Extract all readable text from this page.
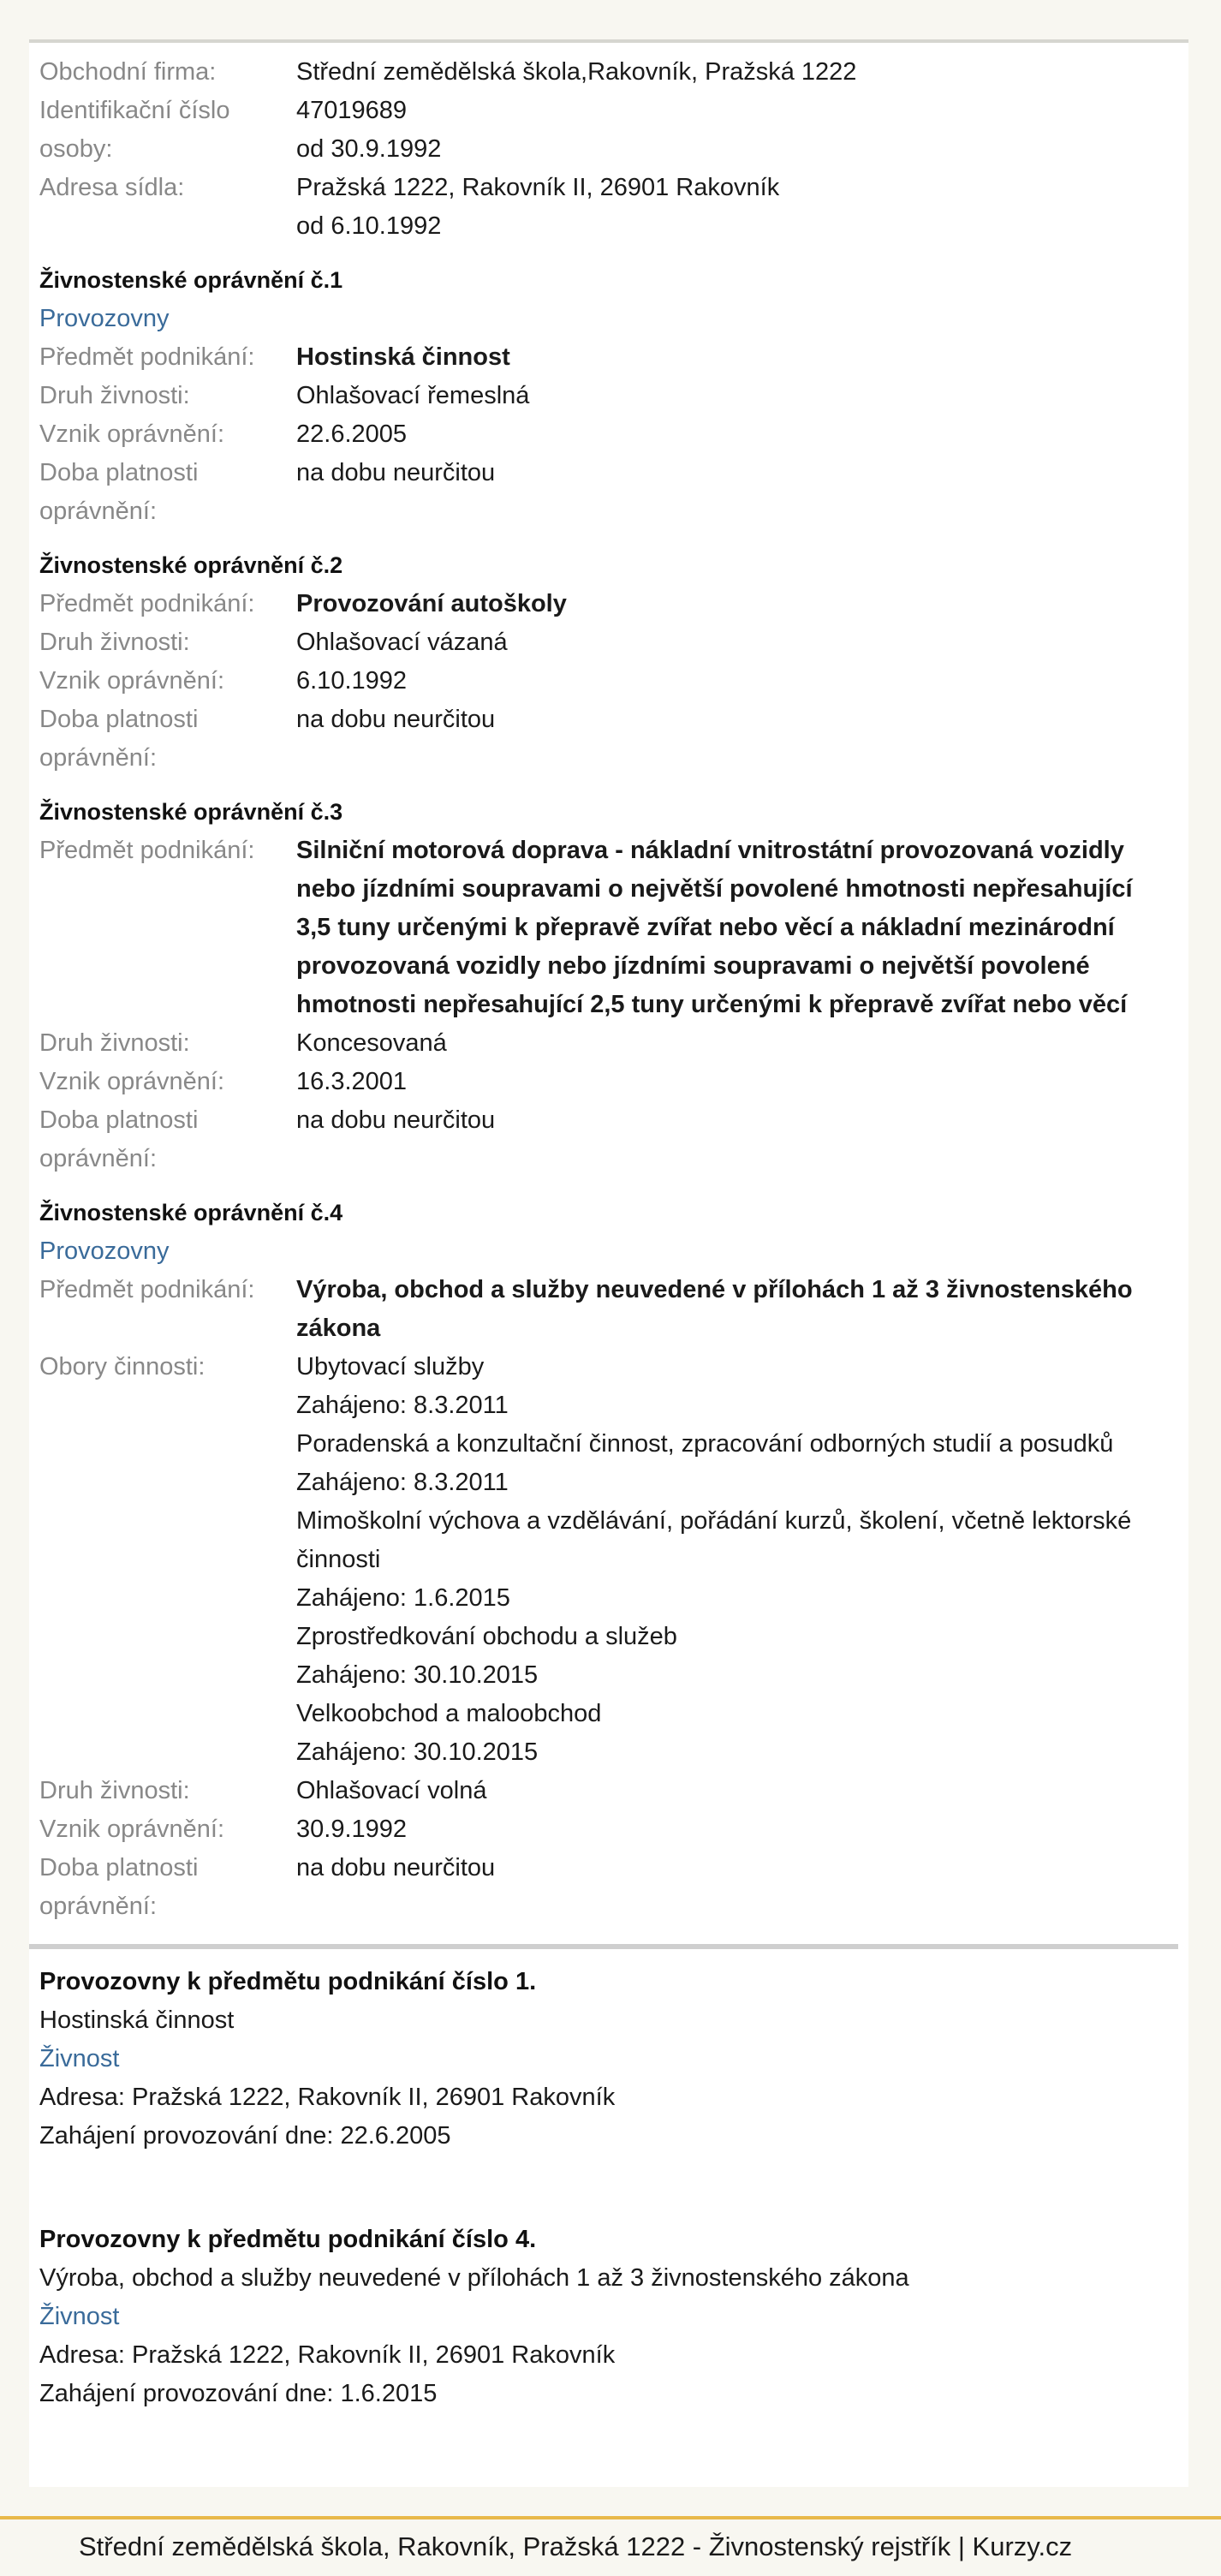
Obchodní firma:	Střední zemědělská škola,Rakovník, Pražská 1222
Identifikační číslo	47019689
osoby:	od 30.9.1992
Adresa sídla:	Pražská 1222, Rakovník II, 26901 Rakovník
od 6.10.1992
Živnostenské oprávnění č.1
Provozovny
Předmět podnikání:	Hostinská činnost
Druh živnosti:	Ohlašovací řemeslná
Vznik oprávnění:	22.6.2005
Doba platnosti	na dobu neurčitou
oprávnění:
Živnostenské oprávnění č.2
Předmět podnikání:	Provozování autoškoly
Druh živnosti:	Ohlašovací vázaná
Vznik oprávnění:	6.10.1992
Doba platnosti	na dobu neurčitou
oprávnění:
Živnostenské oprávnění č.3
Předmět podnikání:	Silniční motorová doprava - nákladní vnitrostátní provozovaná vozidly
nebo jízdními soupravami o největší povolené hmotnosti nepřesahující
3,5 tuny určenými k přepravě zvířat nebo věcí a nákladní mezinárodní
provozovaná vozidly nebo jízdními soupravami o největší povolené
hmotnosti nepřesahující 2,5 tuny určenými k přepravě zvířat nebo věcí
Druh živnosti:	Koncesovaná
Vznik oprávnění:	16.3.2001
Doba platnosti	na dobu neurčitou
oprávnění:
Živnostenské oprávnění č.4
Provozovny
Předmět podnikání:	Výroba, obchod a služby neuvedené v přílohách 1 až 3 živnostenského
zákona
Obory činnosti:	Ubytovací služby
Zahájeno: 8.3.2011
Poradenská a konzultační činnost, zpracování odborných studií a posudků
Zahájeno: 8.3.2011
Mimoškolní výchova a vzdělávání, pořádání kurzů, školení, včetně lektorské
činnosti
Zahájeno: 1.6.2015
Zprostředkování obchodu a služeb
Zahájeno: 30.10.2015
Velkoobchod a maloobchod
Zahájeno: 30.10.2015
Druh živnosti:	Ohlašovací volná
Vznik oprávnění:	30.9.1992
Doba platnosti	na dobu neurčitou
oprávnění:
Provozovny k předmětu podnikání číslo 1.
Hostinská činnost
Živnost
Adresa: Pražská 1222, Rakovník II, 26901 Rakovník
Zahájení provozování dne: 22.6.2005
Provozovny k předmětu podnikání číslo 4.
Výroba, obchod a služby neuvedené v přílohách 1 až 3 živnostenského zákona
Živnost
Adresa: Pražská 1222, Rakovník II, 26901 Rakovník
Zahájení provozování dne: 1.6.2015
Střední zemědělská škola, Rakovník, Pražská 1222 - Živnostenský rejstřík | Kurzy.cz
